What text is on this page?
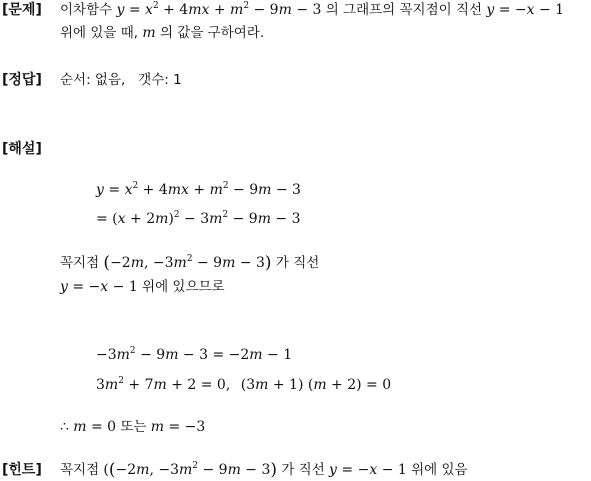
[문제] 이차함수 $y = x^2 + 4mx + m^2 - 9m - 3$ 의 그래프의 꼭지점이 직선 y = −x − 1
위에 있을 때, m 의 값을 구하여라.
[정답] 순서: 없음,   갯수: 1
[해설]
$y = x^2 + 4mx + m^2 - 9m - 3$
= $(x + 2m)^2 - 3m^2 - 9m - 3$
꼭지점 (−2m, $-3m^2 - 9m - 3$) 가 직선
y = −x − 1 위에 있으므로
$-3m^2 - 9m - 3 = -2m - 1$
$3m^2 + 7m + 2 = 0$, (3m + 1) (m + 2) = 0
∴ m = 0 또는 m = −3
[힌트] 꼭지점 ((−2m, $-3m^2 - 9m - 3$) 가 직선 y = −x − 1 위에 있음
